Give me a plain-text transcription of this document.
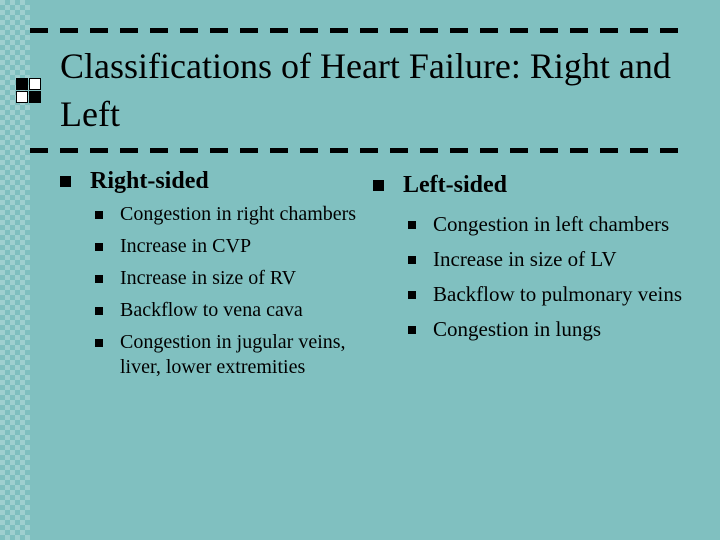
Classifications of Heart Failure: Right and Left
Right-sided
Congestion in right chambers
Increase in CVP
Increase in size of RV
Backflow to vena cava
Congestion in jugular veins, liver, lower extremities
Left-sided
Congestion in left chambers
Increase in size of LV
Backflow to pulmonary veins
Congestion in lungs
